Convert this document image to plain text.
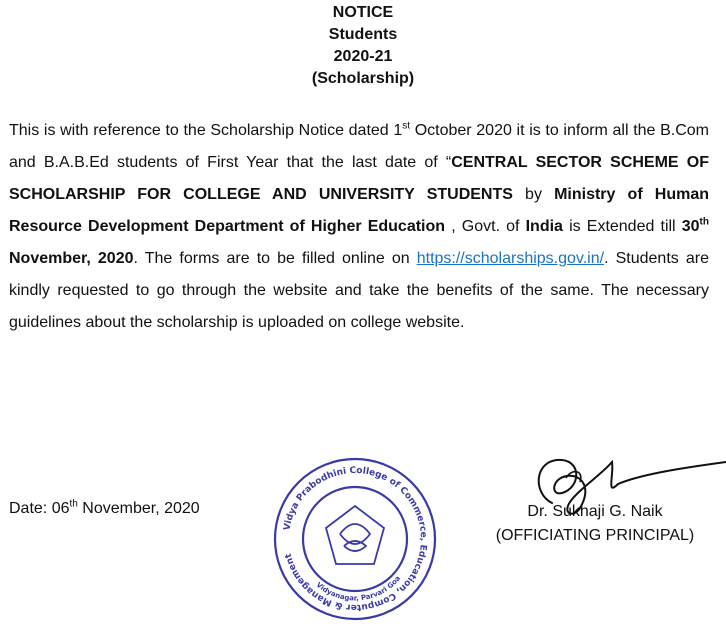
NOTICE
Students
2020-21
(Scholarship)
This is with reference to the Scholarship Notice dated 1st October 2020 it is to inform all the B.Com and B.A.B.Ed students of First Year that the last date of “CENTRAL SECTOR SCHEME OF SCHOLARSHIP FOR COLLEGE AND UNIVERSITY STUDENTS by Ministry of Human Resource Development Department of Higher Education , Govt. of India is Extended till 30th November, 2020. The forms are to be filled online on https://scholarships.gov.in/. Students are kindly requested to go through the website and take the benefits of the same. The necessary guidelines about the scholarship is uploaded on college website.
Date: 06th November, 2020
Vidya Prabodhini College of Commerce, Education, Computer & Management
Vidyanagar, Parvari Goa
Dr. Sukhaji G. Naik
(OFFICIATING PRINCIPAL)
